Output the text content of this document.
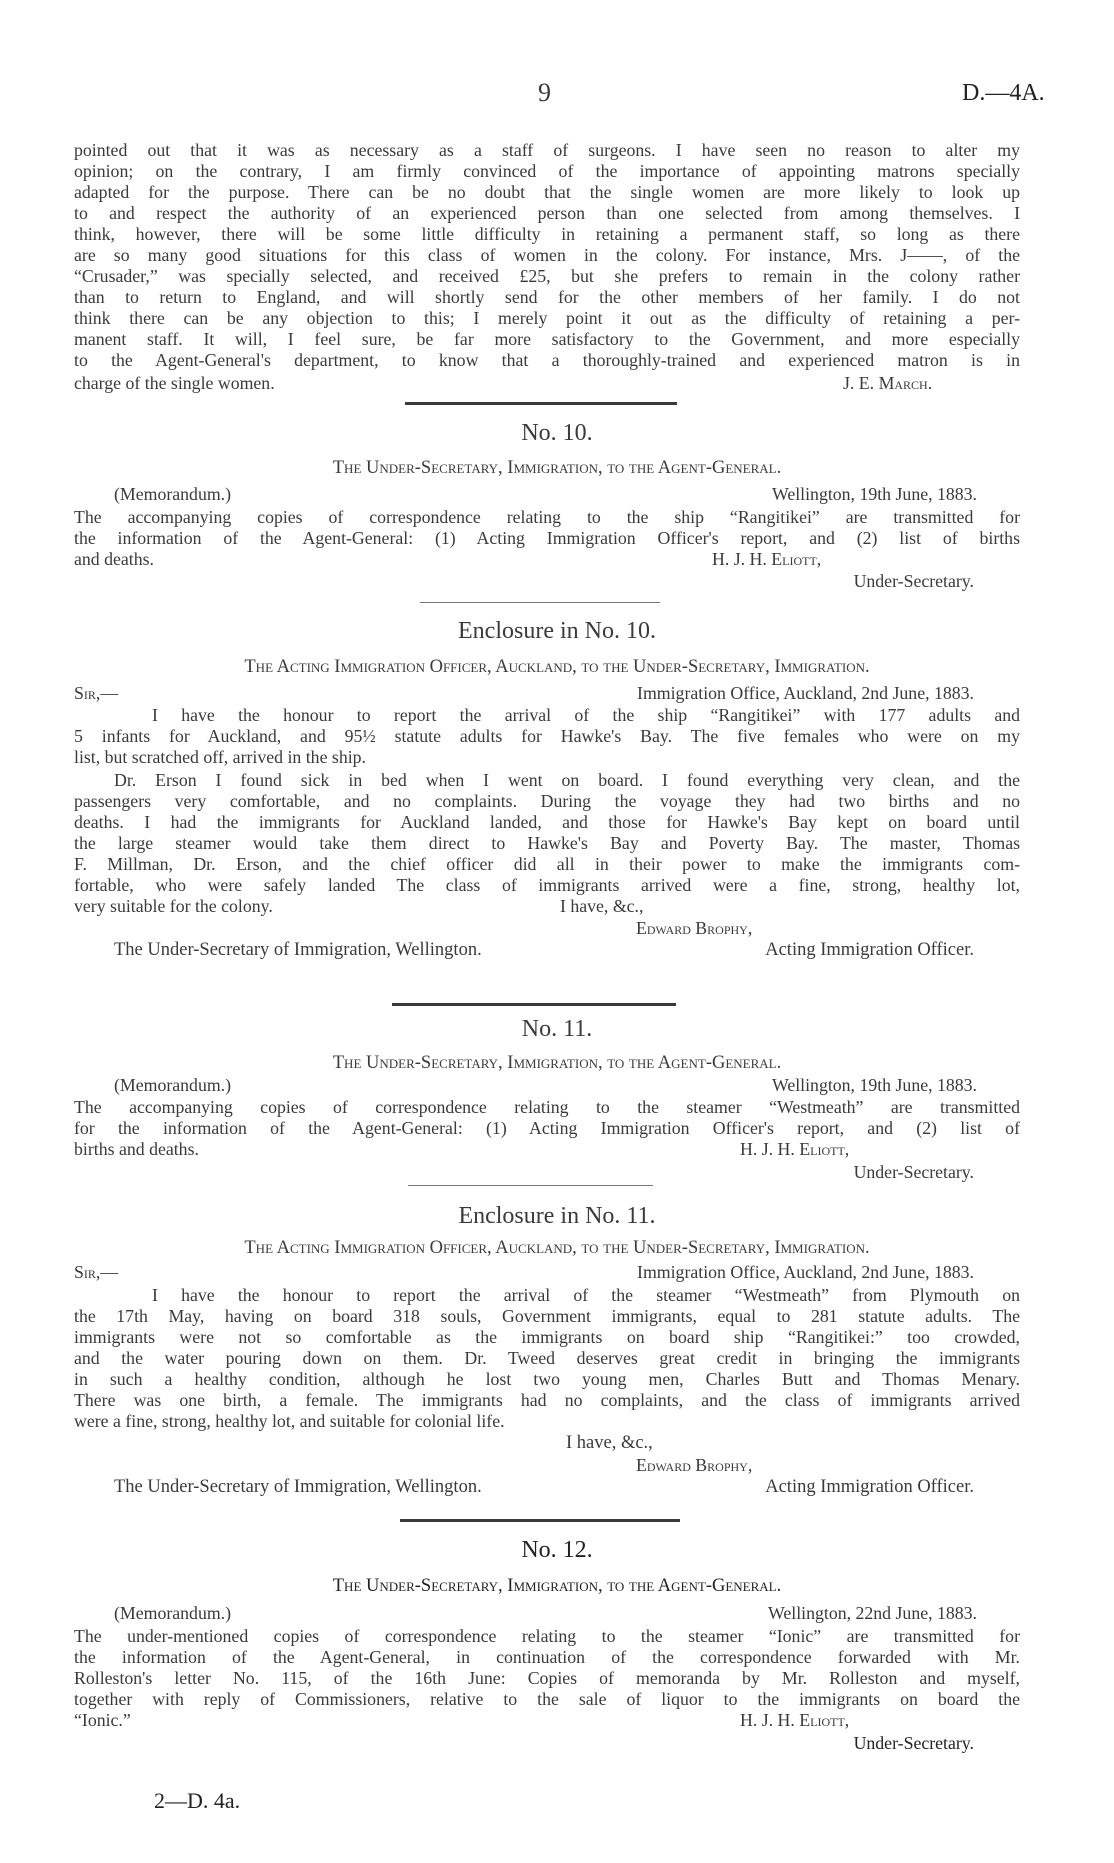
9	D.—4A.
pointed out that it was as necessary as a staff of surgeons. I have seen no reason to alter my
opinion; on the contrary, I am firmly convinced of the importance of appointing matrons specially
adapted for the purpose. There can be no doubt that the single women are more likely to look up
to and respect the authority of an experienced person than one selected from among themselves. I
think, however, there will be some little difficulty in retaining a permanent staff, so long as there
are so many good situations for this class of women in the colony. For instance, Mrs. J——, of the
“Crusader,” was specially selected, and received £25, but she prefers to remain in the colony rather
than to return to England, and will shortly send for the other members of her family. I do not
think there can be any objection to this; I merely point it out as the difficulty of retaining a per-
manent staff. It will, I feel sure, be far more satisfactory to the Government, and more especially
to the Agent-General's department, to know that a thoroughly-trained and experienced matron is in
charge of the single women.	J. E. March.
No. 10.
The Under-Secretary, Immigration, to the Agent-General.
(Memorandum.)	Wellington, 19th June, 1883.
The accompanying copies of correspondence relating to the ship “Rangitikei” are transmitted for
the information of the Agent-General: (1) Acting Immigration Officer's report, and (2) list of births
and deaths.	H. J. H. Eliott,
Under-Secretary.
Enclosure in No. 10.
The Acting Immigration Officer, Auckland, to the Under-Secretary, Immigration.
Sir,—	Immigration Office, Auckland, 2nd June, 1883.
I have the honour to report the arrival of the ship “Rangitikei” with 177 adults and
5 infants for Auckland, and 95½ statute adults for Hawke's Bay. The five females who were on my
list, but scratched off, arrived in the ship.
Dr. Erson I found sick in bed when I went on board. I found everything very clean, and the
passengers very comfortable, and no complaints. During the voyage they had two births and no
deaths. I had the immigrants for Auckland landed, and those for Hawke's Bay kept on board until
the large steamer would take them direct to Hawke's Bay and Poverty Bay. The master, Thomas
F. Millman, Dr. Erson, and the chief officer did all in their power to make the immigrants com-
fortable, who were safely landed The class of immigrants arrived were a fine, strong, healthy lot,
very suitable for the colony.	I have, &c.,
Edward Brophy,
The Under-Secretary of Immigration, Wellington.	Acting Immigration Officer.
No. 11.
The Under-Secretary, Immigration, to the Agent-General.
(Memorandum.)	Wellington, 19th June, 1883.
The accompanying copies of correspondence relating to the steamer “Westmeath” are transmitted
for the information of the Agent-General: (1) Acting Immigration Officer's report, and (2) list of
births and deaths.	H. J. H. Eliott,
Under-Secretary.
Enclosure in No. 11.
The Acting Immigration Officer, Auckland, to the Under-Secretary, Immigration.
Sir,—	Immigration Office, Auckland, 2nd June, 1883.
I have the honour to report the arrival of the steamer “Westmeath” from Plymouth on
the 17th May, having on board 318 souls, Government immigrants, equal to 281 statute adults. The
immigrants were not so comfortable as the immigrants on board ship “Rangitikei:” too crowded,
and the water pouring down on them. Dr. Tweed deserves great credit in bringing the immigrants
in such a healthy condition, although he lost two young men, Charles Butt and Thomas Menary.
There was one birth, a female. The immigrants had no complaints, and the class of immigrants arrived
were a fine, strong, healthy lot, and suitable for colonial life.
I have, &c.,
Edward Brophy,
The Under-Secretary of Immigration, Wellington.	Acting Immigration Officer.
No. 12.
The Under-Secretary, Immigration, to the Agent-General.
(Memorandum.)	Wellington, 22nd June, 1883.
The under-mentioned copies of correspondence relating to the steamer “Ionic” are transmitted for
the information of the Agent-General, in continuation of the correspondence forwarded with Mr.
Rolleston's letter No. 115, of the 16th June: Copies of memoranda by Mr. Rolleston and myself,
together with reply of Commissioners, relative to the sale of liquor to the immigrants on board the
“Ionic.”	H. J. H. Eliott,
Under-Secretary.
2—D. 4a.
